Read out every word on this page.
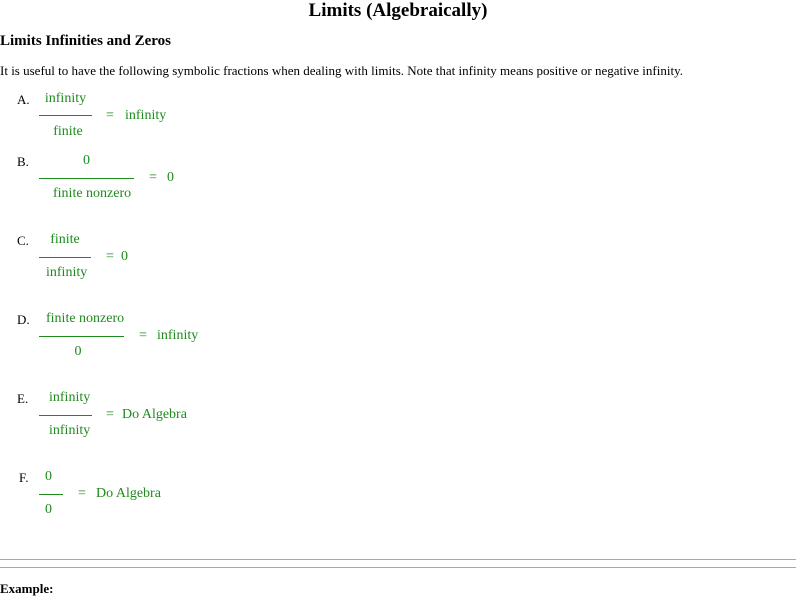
Limits (Algebraically)
Limits Infinities and Zeros
It is useful to have the following symbolic fractions when dealing with limits. Note that infinity means positive or negative infinity.
A.	infinity
finite
= infinity
B.	0
finite nonzero
= 0
C.	finite
infinity
= 0
D. finite nonzero
0
= infinity
E. infinity
infinity
= Do Algebra
F. 0
0
= Do Algebra
Example:
